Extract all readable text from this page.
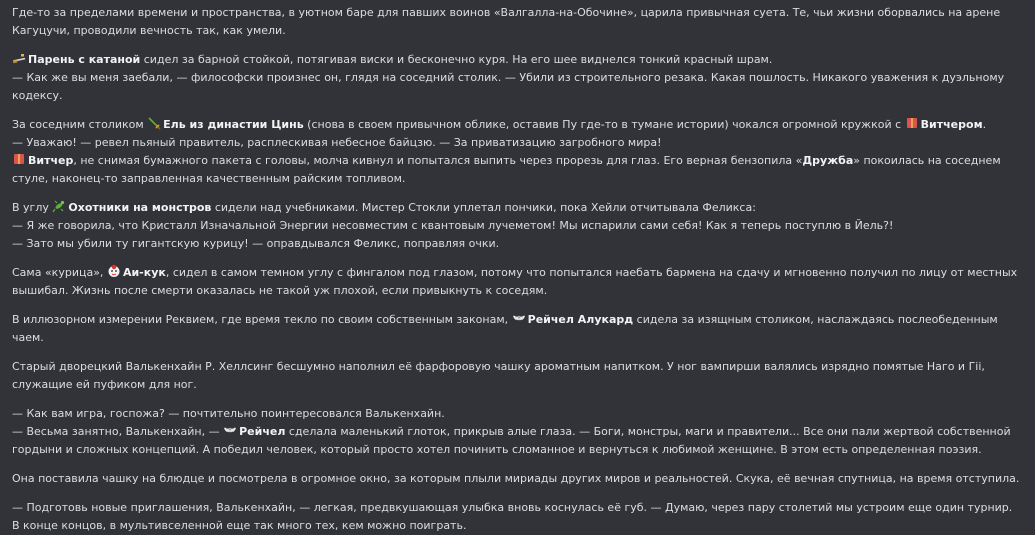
Где-то за пределами времени и пространства, в уютном баре для павших воинов «Валгалла-на-Обочине», царила привычная суета. Те, чьи жизни оборвались на арене Кагуцучи, проводили вечность так, как умели.

Парень с катаной сидел за барной стойкой, потягивая виски и бесконечно куря. На его шее виднелся тонкий красный шрам.
— Как же вы меня заебали, — философски произнес он, глядя на соседний столик. — Убили из строительного резака. Какая пошлость. Никакого уважения к дуэльному кодексу.

За соседним столиком Ель из династии Цинь (снова в своем привычном облике, оставив Пу где-то в тумане истории) чокался огромной кружкой с Витчером.
— Уважаю! — ревел пьяный правитель, расплескивая небесное байцзю. — За приватизацию загробного мира!
Витчер, не снимая бумажного пакета с головы, молча кивнул и попытался выпить через прорезь для глаз. Его верная бензопила «Дружба» покоилась на соседнем стуле, наконец-то заправленная качественным райским топливом.

В углу Охотники на монстров сидели над учебниками. Мистер Стокли уплетал пончики, пока Хейли отчитывала Феликса:
— Я же говорила, что Кристалл Изначальной Энергии несовместим с квантовым лучеметом! Мы испарили сами себя! Как я теперь поступлю в Йель?!
— Зато мы убили ту гигантскую курицу! — оправдывался Феликс, поправляя очки.

Сама «курица», Аи-кук, сидел в самом темном углу с фингалом под глазом, потому что попытался наебать бармена на сдачу и мгновенно получил по лицу от местных вышибал. Жизнь после смерти оказалась не такой уж плохой, если привыкнуть к соседям.

В иллюзорном измерении Реквием, где время текло по своим собственным законам, Рейчел Алукард сидела за изящным столиком, наслаждаясь послеобеденным чаем.

Старый дворецкий Валькенхайн Р. Хеллсинг бесшумно наполнил её фарфоровую чашку ароматным напитком. У ног вампирши валялись изрядно помятые Наго и Гii, служащие ей пуфиком для ног.

— Как вам игра, госпожа? — почтительно поинтересовался Валькенхайн.
— Весьма занятно, Валькенхайн, — Рейчел сделала маленький глоток, прикрыв алые глаза. — Боги, монстры, маги и правители... Все они пали жертвой собственной гордыни и сложных концепций. А победил человек, который просто хотел починить сломанное и вернуться к любимой женщине. В этом есть определенная поэзия.

Она поставила чашку на блюдце и посмотрела в огромное окно, за которым плыли мириады других миров и реальностей. Скука, её вечная спутница, на время отступила.

— Подготовь новые приглашения, Валькенхайн, — легкая, предвкушающая улыбка вновь коснулась её губ. — Думаю, через пару столетий мы устроим еще один турнир. В конце концов, в мультивселенной еще так много тех, кем можно поиграть.
